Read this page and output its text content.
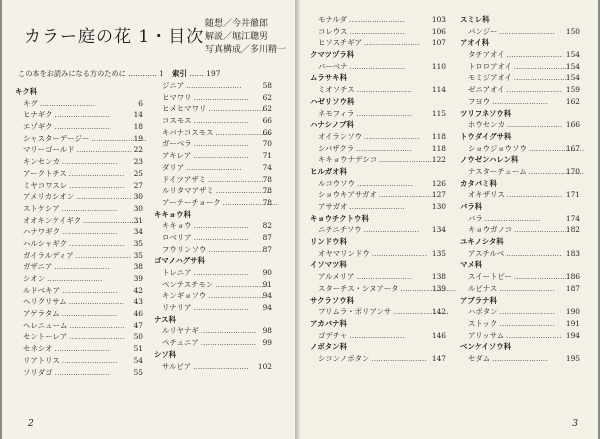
カラー庭の花 1・目次
随想／今井徹郎
解説／堀江聰男
写真構成／多川精一
この本をお読みになる方のために ………… 1 索引 …… 197
キク科
キグ ……………………	6
ヒナギク ……………………	14
エゾギク ……………………	18
シャスターデージー ……………………	19
マリーゴールド ……………………	22
キンセンカ ……………………	23
アークトチス ……………………	25
ミヤコワスレ ……………………	27
アメリカシオン ……………………	30
ストケシア ……………………	30
オオキンケイギク ……………………	31
ハナワギク ……………………	34
ハルシャギク ……………………	35
ガイラルディア ……………………	35
ガザニア ……………………	38
シオン ……………………	39
ルドベキア ……………………	42
ヘリクリサム ……………………	43
アゲラタム ……………………	46
ヘレニューム ……………………	47
セントーレア ……………………	50
セネシオ ……………………	51
リアトリス ……………………	54
ソリダゴ ……………………	55
ジニア ……………………	58
ヒマワリ ……………………	62
ヒメヒマワリ ……………………	62
コスモス ……………………	66
キバナコスモス ……………………	66
ガーベラ ……………………	70
アキレア ……………………	71
ダリア ……………………	74
ドイツアザミ ……………………	78
ルリタマアザミ ……………………	78
アーテーチョーク ……………………	78
キキョウ科
キキョウ ……………………	82
ロベリア ……………………	87
フウリンソウ ……………………	87
ゴマノハグサ科
トレニア ……………………	90
ペンテスチモン ……………………	91
キンギョソウ ……………………	94
リナリア ……………………	94
ナス科
ルリヤナギ ……………………	98
ペチュニア ……………………	99
シソ科
サルビア ……………………	102
2
モナルダ ……………………	103
コレウス ……………………	106
ヒソスチギア ……………………	107
クマツヅラ科
バーベナ ……………………	110
ムラサキ科
ミオソチス ……………………	114
ハゼリソウ科
ネモフィラ ……………………	115
ハナシノブ科
オイランソウ ……………………	118
シバザクラ ……………………	118
キキョウナデシコ ……………………	122
ヒルガオ科
ルコウソウ ……………………	126
ショウキアサガオ ……………………	127
アサガオ ……………………	130
キョウチクトウ科
ニチニチソウ ……………………	134
リンドウ科
オヤマリンドウ ……………………	135
イソマツ科
アルメリア ……………………	138
スターチス・シヌアータ ……………………	139
サクラソウ科
プリムラ・ポリアンサ ……………………	142
アカバナ科
ゴデチャ ……………………	146
ノボタン科
シコンノボタン ……………………	147
スミレ科
パンジー ……………………	150
アオイ科
タチアオイ ……………………	154
トロロアオイ ……………………	154
モミジアオイ ……………………	154
ゼニアオイ ……………………	159
フヨウ ……………………	162
ツリフネソウ科
ホウセンカ ……………………	166
トウダイグサ科
ショウジョウソウ ……………………	167
ノウゼンハレン科
ナスターチューム ……………………	170
カタバミ科
オキザリス ……………………	171
バラ科
バラ ……………………	174
キョウガノコ ……………………	182
ユキノシタ科
アスチルベ ……………………	183
マメ科
スイートピー ……………………	186
ルピナス ……………………	187
アブラナ科
ハボタン ……………………	190
ストック ……………………	191
アリッサム ……………………	194
ベンケイソウ科
セダム ……………………	195
3
